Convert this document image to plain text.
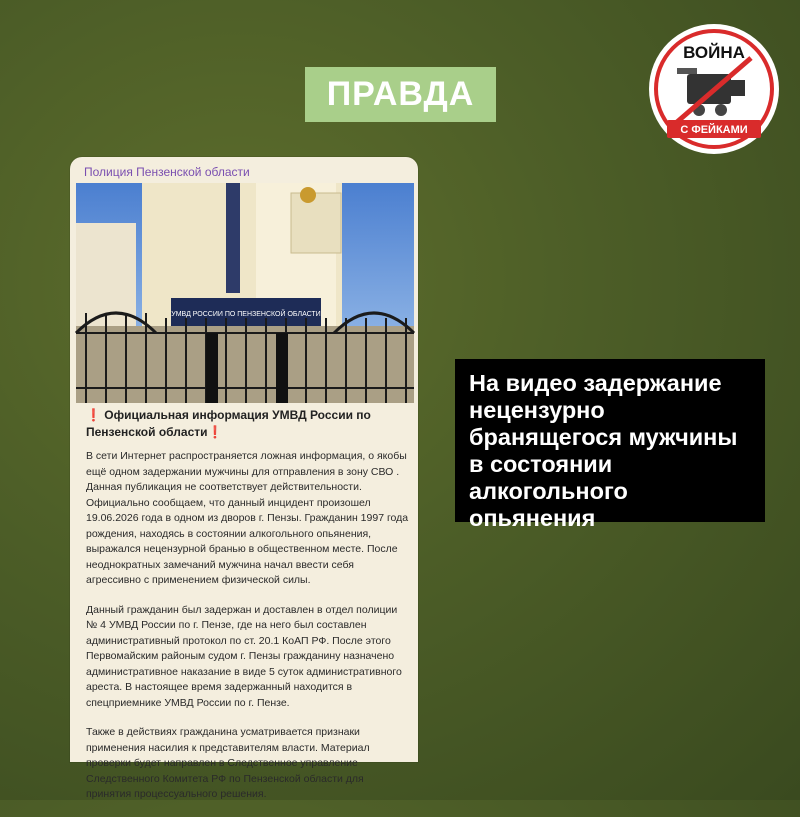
ПРАВДА
ВОЙНА
С ФЕЙКАМИ
Полиция Пензенской области
УМВД РОССИИ ПО ПЕНЗЕНСКОЙ ОБЛАСТИ
❗ Официальная информация УМВД России по Пензенской области❗

В сети Интернет распространяется ложная информация, о якобы ещё одном задержании мужчины для отправления в зону СВО . Данная публикация не соответствует действительности. Официально сообщаем, что данный инцидент произошел 19.06.2026 года в одном из дворов г. Пензы. Гражданин 1997 года рождения, находясь в состоянии алкогольного опьянения, выражался нецензурной бранью в общественном месте. После неоднократных замечаний мужчина начал ввести себя агрессивно с применением физической силы.

Данный гражданин был задержан и доставлен в отдел полиции № 4 УМВД России по г. Пензе, где на него был составлен административный протокол по ст. 20.1 КоАП РФ. После этого Первомайским районым судом г. Пензы гражданину назначено административное наказание в виде 5 суток административного ареста. В настоящее время задержанный находится в спецприемнике УМВД России по г. Пензе.

Также в действиях гражданина усматривается признаки применения насилия к представителям власти. Материал проверки будет направлен в Следственное управление Следственного Комитета РФ по Пензенской области для принятия процессуального решения.

На видео задержание нецензурно бранящегося мужчины в состоянии алкогольного опьянения
